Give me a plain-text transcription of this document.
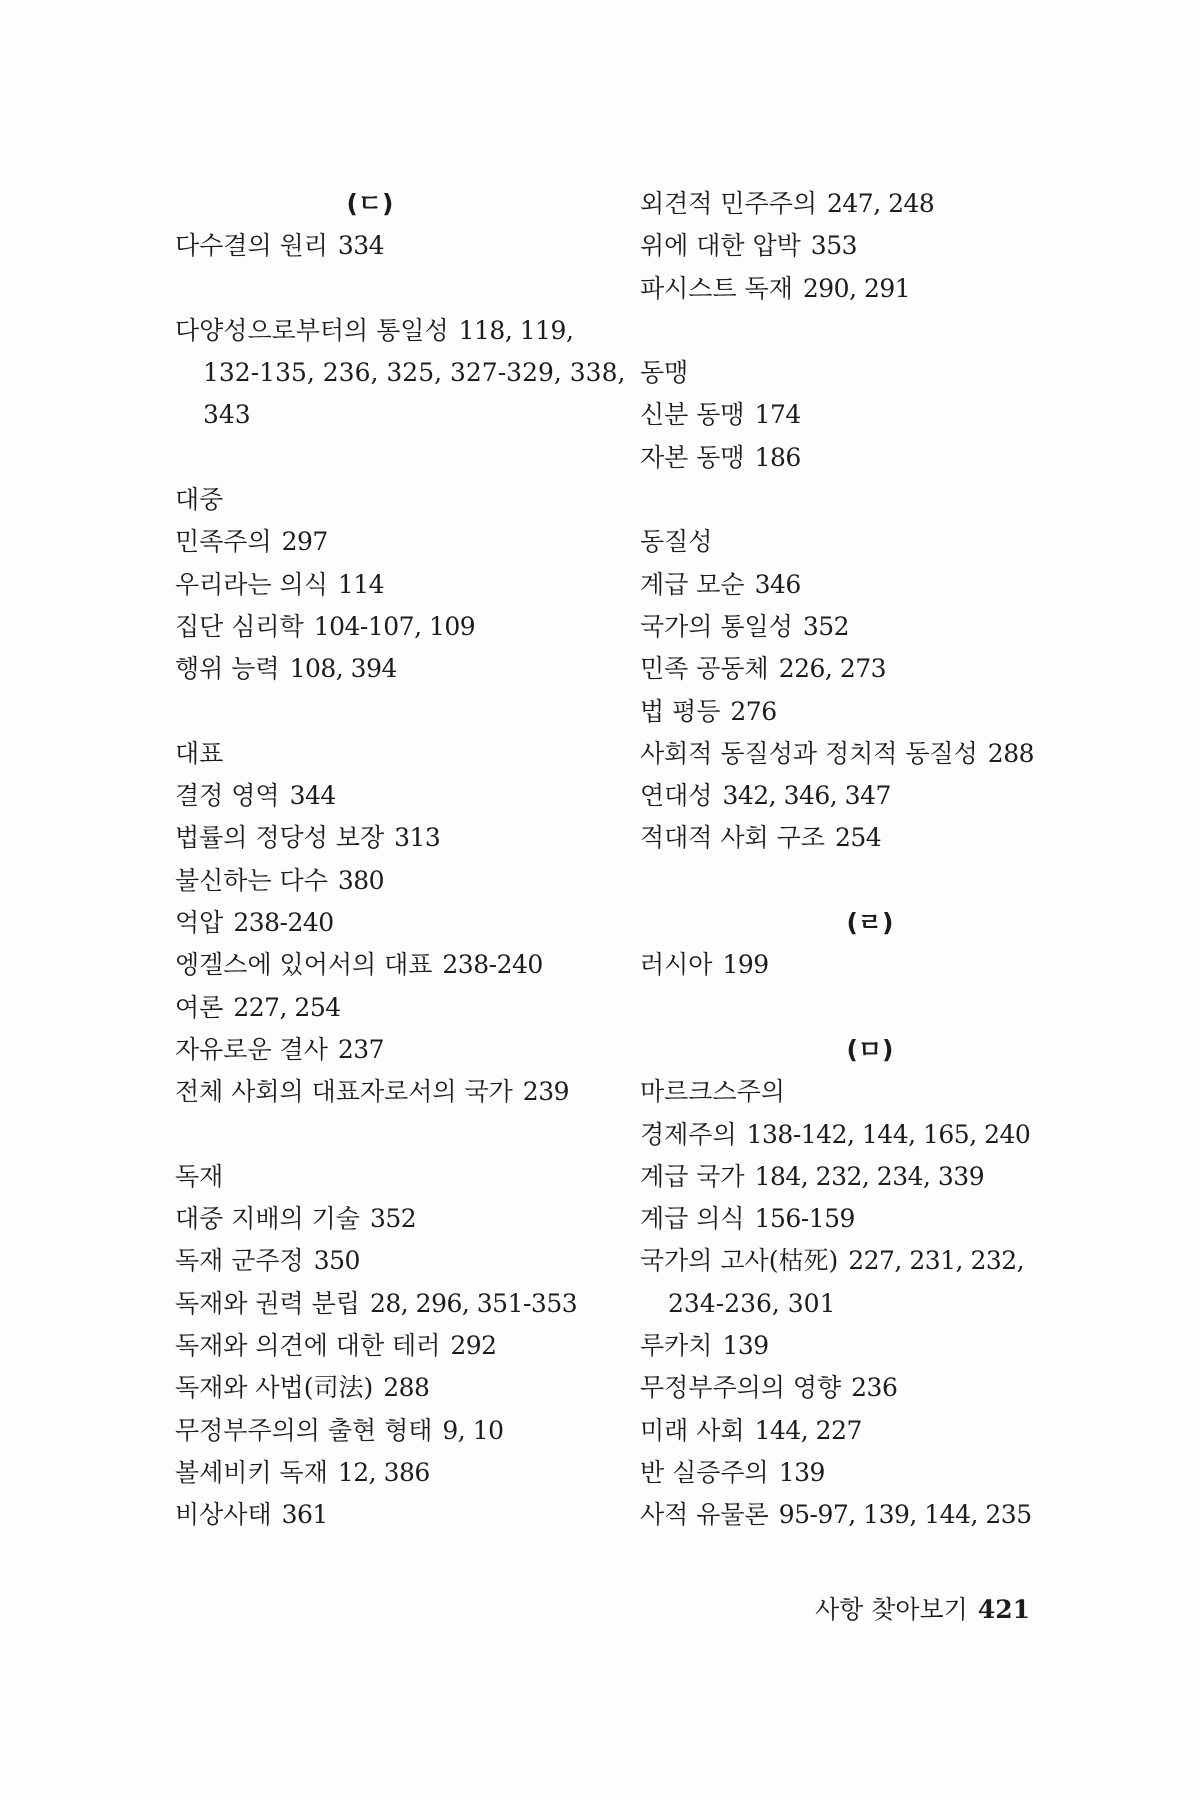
(ㄷ)
다수결의 원리 334
다양성으로부터의 통일성 118, 119,
132-135, 236, 325, 327-329, 338,
343
대중
민족주의 297
우리라는 의식 114
집단 심리학 104-107, 109
행위 능력 108, 394
대표
결정 영역 344
법률의 정당성 보장 313
불신하는 다수 380
억압 238-240
엥겔스에 있어서의 대표 238-240
여론 227, 254
자유로운 결사 237
전체 사회의 대표자로서의 국가 239
독재
대중 지배의 기술 352
독재 군주정 350
독재와 권력 분립 28, 296, 351-353
독재와 의견에 대한 테러 292
독재와 사법(司法) 288
무정부주의의 출현 형태 9, 10
볼셰비키 독재 12, 386
비상사태 361
외견적 민주주의 247, 248
위에 대한 압박 353
파시스트 독재 290, 291
동맹
신분 동맹 174
자본 동맹 186
동질성
계급 모순 346
국가의 통일성 352
민족 공동체 226, 273
법 평등 276
사회적 동질성과 정치적 동질성 288
연대성 342, 346, 347
적대적 사회 구조 254
(ㄹ)
러시아 199
(ㅁ)
마르크스주의
경제주의 138-142, 144, 165, 240
계급 국가 184, 232, 234, 339
계급 의식 156-159
국가의 고사(枯死) 227, 231, 232,
234-236, 301
루카치 139
무정부주의의 영향 236
미래 사회 144, 227
반 실증주의 139
사적 유물론 95-97, 139, 144, 235
사항 찾아보기 421
